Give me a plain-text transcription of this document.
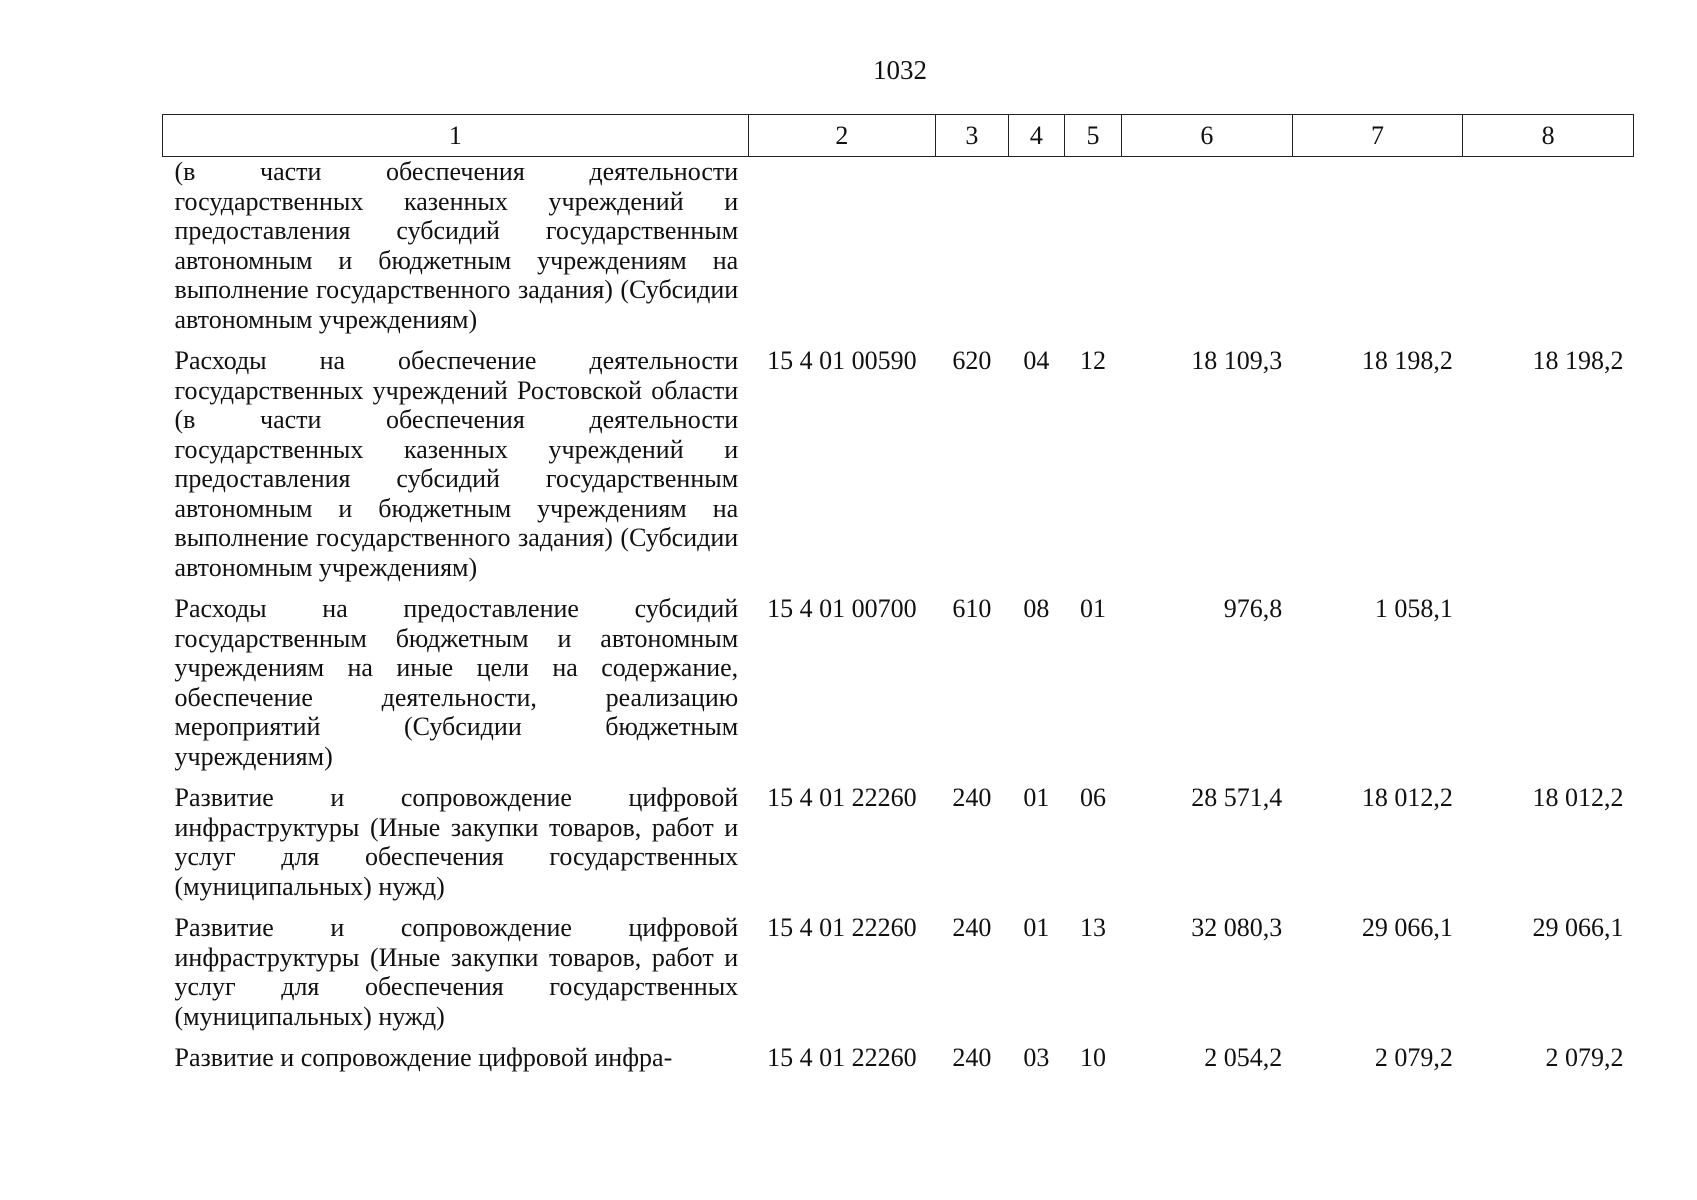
1032
1	2	3	4	5	6	7	8
(в части обеспечения деятельности государственных казенных учреждений и предоставления субсидий государственным автономным и бюджетным учреждениям на выполнение государственного задания) (Субсидии автономным учреждениям)							
Расходы на обеспечение деятельности государственных учреждений Ростовской области (в части обеспечения деятельности государственных казенных учреждений и предоставления субсидий государственным автономным и бюджетным учреждениям на выполнение государственного задания) (Субсидии автономным учреждениям)	15 4 01 00590	620	04	12	18 109,3	18 198,2	18 198,2
Расходы на предоставление субсидий государственным бюджетным и автономным учреждениям на иные цели на содержание, обеспечение деятельности, реализацию мероприятий (Субсидии бюджетным учреждениям)	15 4 01 00700	610	08	01	976,8	1 058,1	
Развитие и сопровождение цифровой инфраструктуры (Иные закупки товаров, работ и услуг для обеспечения государственных (муниципальных) нужд)	15 4 01 22260	240	01	06	28 571,4	18 012,2	18 012,2
Развитие и сопровождение цифровой инфраструктуры (Иные закупки товаров, работ и услуг для обеспечения государственных (муниципальных) нужд)	15 4 01 22260	240	01	13	32 080,3	29 066,1	29 066,1
Развитие и сопровождение цифровой инфра-	15 4 01 22260	240	03	10	2 054,2	2 079,2	2 079,2
